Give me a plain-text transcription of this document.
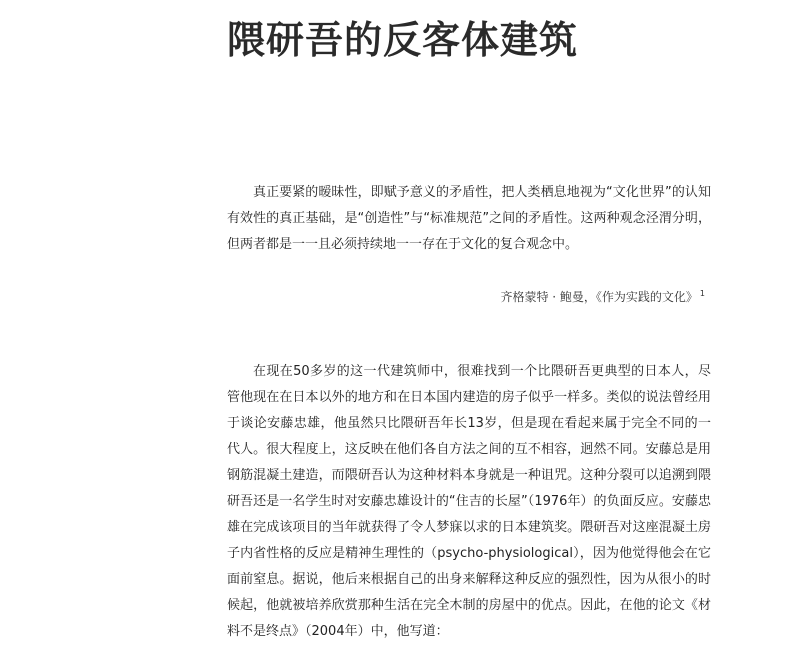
隈研吾的反客体建筑

真正要紧的暧昧性，即赋予意义的矛盾性，把人类栖息地视为“文化世界”的认知有效性的真正基础，是“创造性”与“标准规范”之间的矛盾性。这两种观念泾渭分明，但两者都是一一且必须持续地一一存在于文化的复合观念中。

齐格蒙特 · 鲍曼，《作为实践的文化》 $^1$

在现在50多岁的这一代建筑师中，很难找到一个比隈研吾更典型的日本人，尽管他现在在日本以外的地方和在日本国内建造的房子似乎一样多。类似的说法曾经用于谈论安藤忠雄，他虽然只比隈研吾年长13岁，但是现在看起来属于完全不同的一代人。很大程度上，这反映在他们各自方法之间的互不相容，迥然不同。安藤总是用钢筋混凝土建造，而隈研吾认为这种材料本身就是一种诅咒。这种分裂可以追溯到隈研吾还是一名学生时对安藤忠雄设计的“住吉的长屋”（1976年）的负面反应。安藤忠雄在完成该项目的当年就获得了令人梦寐以求的日本建筑奖。隈研吾对这座混凝土房子内省性格的反应是精神生理性的（psycho-physiological），因为他觉得他会在它面前窒息。据说，他后来根据自己的出身来解释这种反应的强烈性，因为从很小的时候起，他就被培养欣赏那种生活在完全木制的房屋中的优点。因此，在他的论文《材料不是终点》（2004年）中，他写道：
